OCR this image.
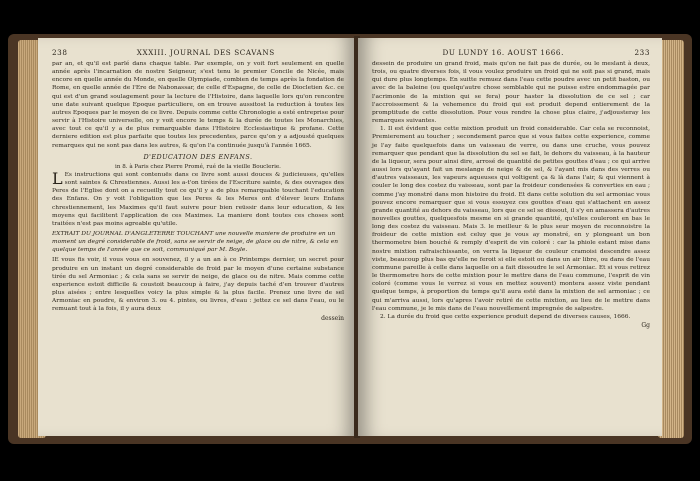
238	XXXIII. JOURNAL DES SCAVANS

par an, et qu'il est parlé dans chaque table. Par exemple, on y voit fort seulement en quelle année après l'incarnation de nostre Seigneur, s'est tenu le premier Concile de Nicée, mais encore en quelle année du Monde, en quelle Olympiade, combien de temps après la fondation de Rome, en quelle année de l'Ere de Nabonassar, de celle d'Espagne, de celle de Diocletien &c. ce qui est d'un grand soulagement pour la lecture de l'Histoire, dans laquelle lors qu'on rencontre une date suivant quelque Epoque particuliere, on en trouve aussitost la reduction à toutes les autres Epoques par le moyen de ce livre. Depuis comme cette Chronologie a esté entreprise pour servir à l'Histoire universelle, on y voit encore le temps & la durée de toutes les Monarchies, avec tout ce qu'il y a de plus remarquable dans l'Histoire Ecclesiastique & profane. Cette derniere edition est plus parfaite que toutes les precedentes, parce qu'on y a adjousté quelques remarques qui ne sont pas dans les autres, & qu'on l'a continuée jusqu'à l'année 1665.

D'EDUCATION DES ENFANS.

in 8. à Paris chez Pierre Promé, rué de la vieille Bouclerie.

L Es instructions qui sont contenuës dans ce livre sont aussi douces & judicieuses, qu'elles sont saintes & Chrestiennes. Aussi les a-t'on tirées de l'Escriture sainte, & des ouvrages des Peres de l'Eglise dont on a recueilly tout ce qu'il y a de plus remarquable touchant l'education des Enfans. On y voit l'obligation que les Peres & les Meres ont d'élever leurs Enfans chrestiennement, les Maximes qu'il faut suivre pour bien reüssir dans leur education, & les moyens qui facilitent l'application de ces Maximes. La maniere dont toutes ces choses sont traitées n'est pas moins agreable qu'utile.

EXTRAIT DU JOURNAL D'ANGLETERRE TOUCHANT une nouvelle maniere de produire en un moment un degré considerable de froid, sans se servir de neige, de glace ou de nitre, & cela en quelque temps de l'année que ce soit, communiqué par M. Boyle.

IE vous fis voir, il vous vous en souvenez, il y a un an à ce Printemps dernier, un secret pour produire en un instant un degré considerable de froid par le moyen d'une certaine substance tirée du sel Armoniac ; & cela sans se servir de neige, de glace ou de nitre. Mais comme cette experience estoit difficile & coustoit beaucoup à faire, j'ay depuis taché d'en trouver d'autres plus aisées ; entre lesquelles voicy la plus simple & la plus facile. Prenez une livre de sel Armoniac en poudre, & environ 3. ou 4. pintes, ou livres, d'eau : jettez ce sel dans l'eau, ou le remuant tout à la fois, il y aura deux

dessein
DU LUNDY 16. AOUST 1666.	233

dessein de produire un grand froid, mais qu'on ne fait pas de durée, ou le meslant à deux, trois, ou quatre diverses fois, il vous voulez produire un froid qui ne soit pas si grand, mais qui dure plus longtemps. En suitte remuez dans l'eau cette poudre avec un petit baston, ou avec de la baleine (ou quelqu'autre chose semblable qui ne puisse estre endommagée par l'acrimonie de la mixtion qui se fera) pour haster la dissolution de ce sel ; car l'accroissement & la vehemence du froid qui est produit depend entierement de la promptitude de cette dissolution. Pour vous rendre la chose plus claire, j'adjousteray les remarques suivantes.

1. Il est évident que cette mixtion produit un froid considerable. Car cela se reconnoist, Premierement au toucher ; secondement parce que si vous faites cette experience, comme je l'ay faite quelquefois dans un vaisseau de verre, ou dans une cruche, vous pouvez remarquer que pendant que la dissolution du sel se fait, le dehors du vaisseau, à la hauteur de la liqueur, sera pour ainsi dire, arrosé de quantité de petites gouttes d'eau ; ce qui arrive aussi lors qu'ayant fait un meslange de neige & de sel, & l'ayant mis dans des verres ou d'autres vaisseaux, les vapeurs aqueuses qui voltigent ça & là dans l'air, & qui viennent à couler le long des costez du vaisseau, sont par la froideur condensées & converties en eau ; comme j'ay monstré dans mon histoire du froid. Et dans cette solution du sel armoniac vous pouvez encore remarquer que si vous essuyez ces gouttes d'eau qui s'attachent en assez grande quantité au dehors du vaisseau, lors que ce sel se dissout, il s'y en amassera d'autres nouvelles gouttes, quelquesfois mesme en si grande quantité, qu'elles couleront en bas le long des costez du vaisseau. Mais 3. le meilleur & le plus seur moyen de reconnoistre la froideur de cette mixtion est celuy que je vous ay monstré, en y plongeant un bon thermometre bien bouché & remply d'esprit de vin coloré : car la phiole estant mise dans nostre mixtion rafraischissante, on verra la liqueur de couleur cramoisi descendre assez viste, beaucoup plus bas qu'elle ne feroit si elle estoit ou dans un air libre, ou dans de l'eau commune pareille à celle dans laquelle on a fait dissoudre le sel Armoniac. Et si vous retirez le thermometre hors de cette mixtion pour le mettre dans de l'eau commune, l'esprit de vin coloré (comme vous le verrez si vous en mettez souvent) montera assez viste pendant quelque temps, à proportion du temps qu'il aura esté dans la mixtion de sel armoniac ; ce qui m'arriva aussi, lors qu'apres l'avoir retiré de cette mixtion, au lieu de le mettre dans l'eau commune, je le mis dans de l'eau nouvellement impregnée de salpestre.

2. La durée du froid que cette experience produit depend de diverses causes, 1666.

Gg
